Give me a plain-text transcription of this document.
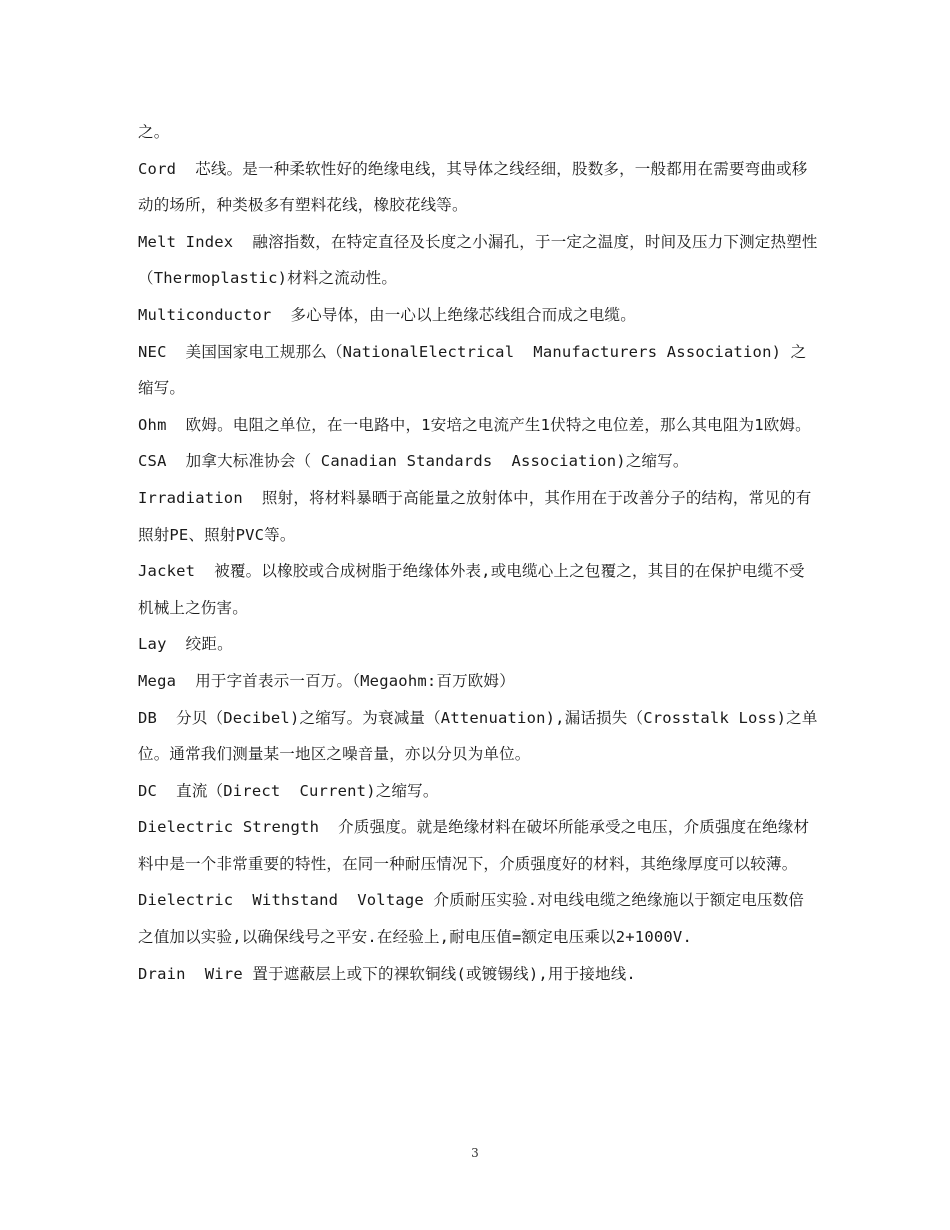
之。

Cord  芯线。是一种柔软性好的绝缘电线，其导体之线经细，股数多，一般都用在需要弯曲或移动的场所，种类极多有塑料花线，橡胶花线等。

Melt Index  融溶指数，在特定直径及长度之小漏孔，于一定之温度，时间及压力下测定热塑性（Thermoplastic)材料之流动性。

Multiconductor  多心导体，由一心以上绝缘芯线组合而成之电缆。

NEC  美国国家电工规那么（NationalElectrical  Manufacturers Association) 之缩写。

Ohm  欧姆。电阻之单位，在一电路中，1安培之电流产生1伏特之电位差，那么其电阻为1欧姆。

CSA  加拿大标准协会（ Canadian Standards  Association)之缩写。

Irradiation  照射，将材料暴晒于高能量之放射体中，其作用在于改善分子的结构，常见的有照射PE、照射PVC等。

Jacket  被覆。以橡胶或合成树脂于绝缘体外表,或电缆心上之包覆之，其目的在保护电缆不受机械上之伤害。

Lay  绞距。

Mega  用于字首表示一百万。（Megaohm:百万欧姆）

DB  分贝（Decibel)之缩写。为衰减量（Attenuation),漏话损失（Crosstalk Loss)之单位。通常我们测量某一地区之噪音量，亦以分贝为单位。

DC  直流（Direct  Current)之缩写。

Dielectric Strength  介质强度。就是绝缘材料在破坏所能承受之电压，介质强度在绝缘材料中是一个非常重要的特性，在同一种耐压情况下，介质强度好的材料，其绝缘厚度可以较薄。

Dielectric  Withstand  Voltage 介质耐压实验.对电线电缆之绝缘施以于额定电压数倍之值加以实验,以确保线号之平安.在经验上,耐电压值=额定电压乘以2+1000V.

Drain  Wire 置于遮蔽层上或下的裸软铜线(或镀锡线),用于接地线.

3
